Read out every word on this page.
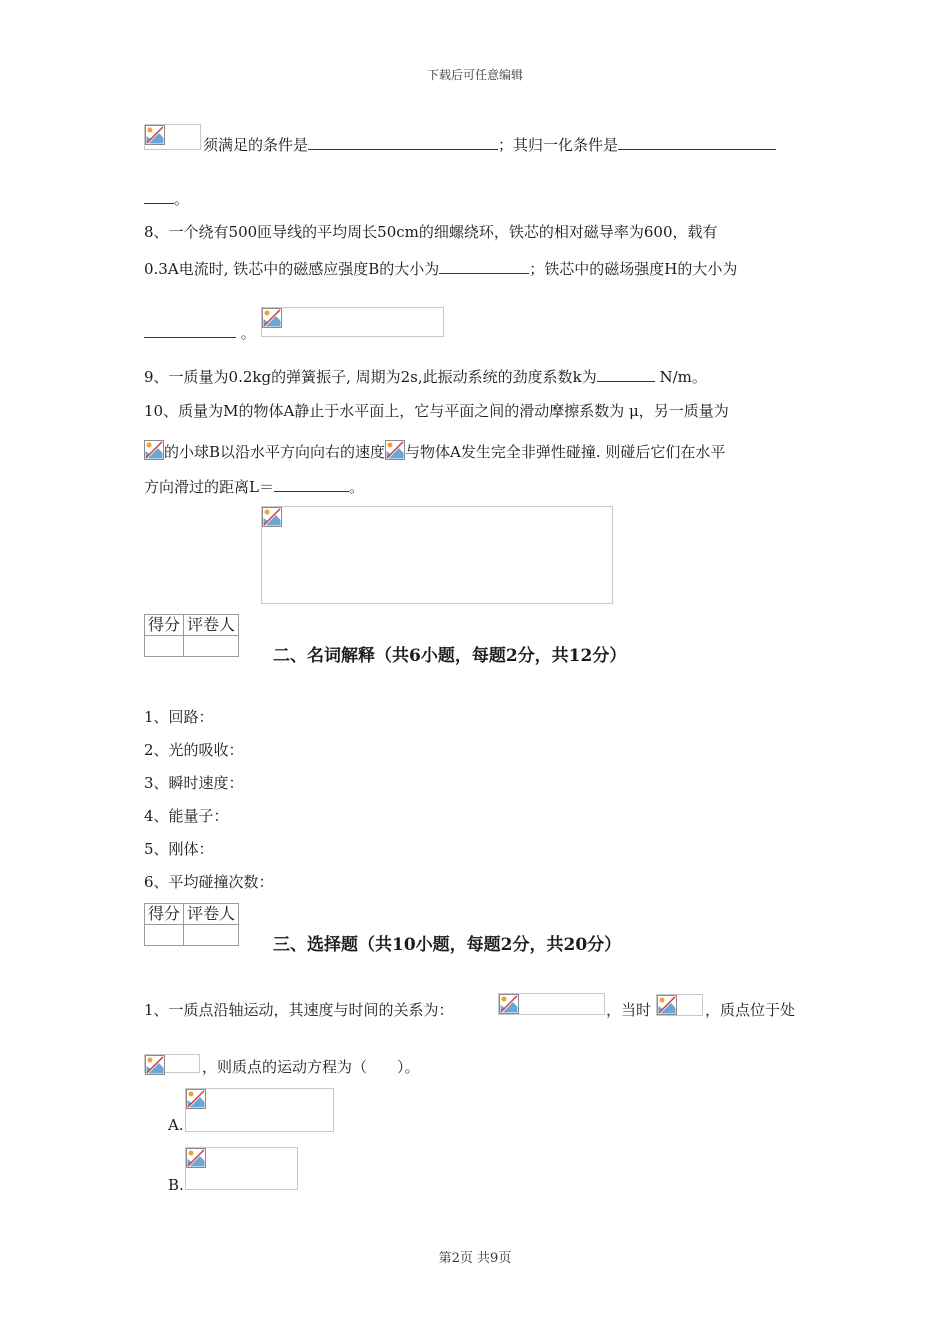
下载后可任意编辑
须满足的条件是	；其归一化条件是
。
8、一个绕有500匝导线的平均周长50cm的细螺绕环，铁芯的相对磁导率为600，载有
0.3A电流时, 铁芯中的磁感应强度B的大小为	；铁芯中的磁场强度H的大小为
。
9、一质量为0.2kg的弹簧振子, 周期为2s,此振动系统的劲度系数k为	N/m。
10、质量为M的物体A静止于水平面上，它与平面之间的滑动摩擦系数为 μ，另一质量为
的小球B以沿水平方向向右的速度 与物体A发生完全非弹性碰撞. 则碰后它们在水平
方向滑过的距离L＝	。
得分	评卷人

二、名词解释（共6小题，每题2分，共12分）
1、回路：
2、光的吸收：
3、瞬时速度：
4、能量子：
5、刚体：
6、平均碰撞次数：
得分	评卷人

三、选择题（共10小题，每题2分，共20分）
1、一质点沿轴运动，其速度与时间的关系为：	，当时	，质点位于处
，则质点的运动方程为（　　）。
A.
B.
第2页 共9页
